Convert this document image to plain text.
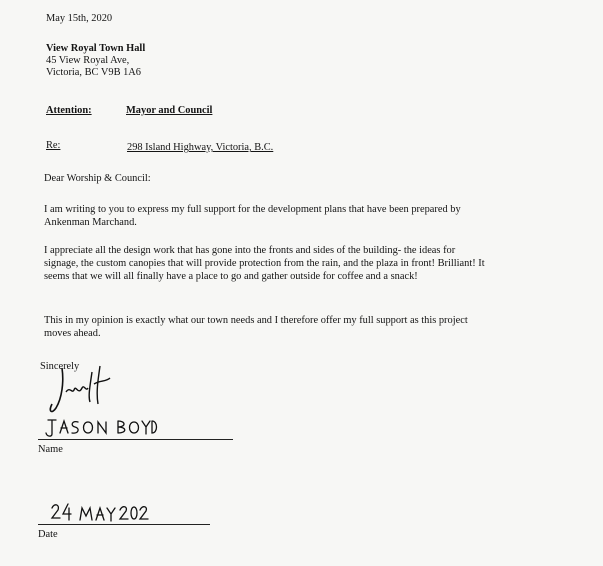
May 15th, 2020
View Royal Town Hall
45 View Royal Ave,
Victoria, BC V9B 1A6
Attention:	Mayor and Council
Re:	298 Island Highway, Victoria, B.C.
Dear Worship & Council:
I am writing to you to express my full support for the development plans that have been prepared by Ankenman Marchand.
I appreciate all the design work that has gone into the fronts and sides of the building- the ideas for signage, the custom canopies that will provide protection from the rain, and the plaza in front! Brilliant! It seems that we will all finally have a place to go and gather outside for coffee and a snack!
This in my opinion is exactly what our town needs and I therefore offer my full support as this project moves ahead.
Sincerely
Name
Date
